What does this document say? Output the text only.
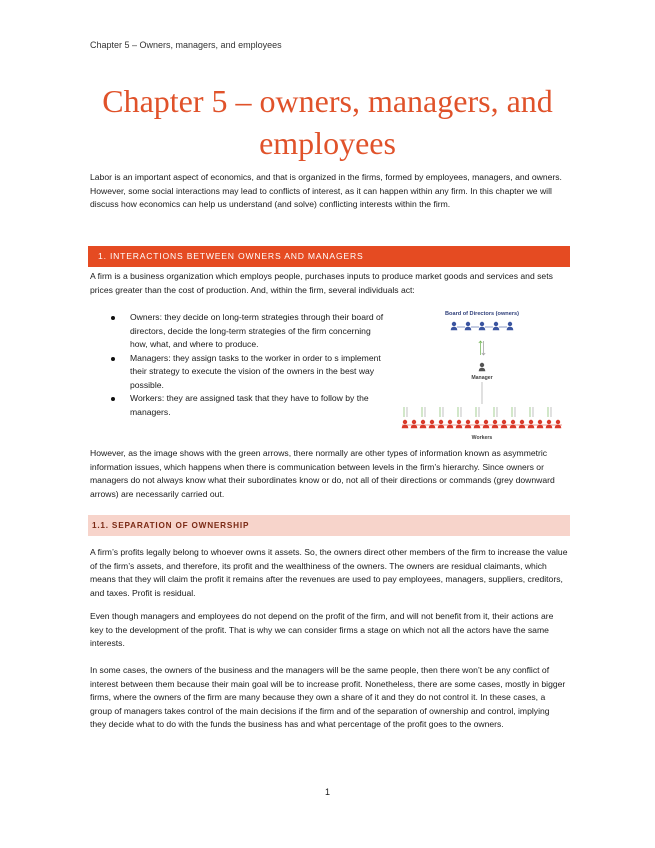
Chapter 5 – Owners, managers, and employees
Chapter 5 – owners, managers, and
employees

Labor is an important aspect of economics, and that is organized in the firms, formed by employees, managers, and owners. However, some social interactions may lead to conflicts of interest, as it can happen within any firm. In this chapter we will discuss how economics can help us understand (and solve) conflicting interests within the firm.

1. INTERACTIONS BETWEEN OWNERS AND MANAGERS

A firm is a business organization which employs people, purchases inputs to produce market goods and services and sets prices greater than the cost of production. And, within the firm, several individuals act:

Owners: they decide on long-term strategies through their board of directors, decide the long-term strategies of the firm concerning how, what, and where to produce.
Managers: they assign tasks to the worker in order to s implement their strategy to execute the vision of the owners in the best way possible.
Workers: they are assigned task that they have to follow by the managers.
Board of Directors (owners)
Manager
Workers

However, as the image shows with the green arrows, there normally are other types of information known as asymmetric information issues, which happens when there is communication between levels in the firm’s hierarchy. Since owners or managers do not always know what their subordinates know or do, not all of their directions or commands (grey downward arrows) are necessarily carried out.

1.1. SEPARATION OF OWNERSHIP

A firm’s profits legally belong to whoever owns it assets. So, the owners direct other members of the firm to increase the value of the firm’s assets, and therefore, its profit and the wealthiness of the owners. The owners are residual claimants, which means that they will claim the profit it remains after the revenues are used to pay employees, managers, suppliers, creditors, and taxes. Profit is residual.

Even though managers and employees do not depend on the profit of the firm, and will not benefit from it, their actions are key to the development of the profit. That is why we can consider firms a stage on which not all the actors have the same interests.

In some cases, the owners of the business and the managers will be the same people, then there won’t be any conflict of interest between them because their main goal will be to increase profit. Nonetheless, there are some cases, mostly in bigger firms, where the owners of the firm are many because they own a share of it and they do not control it. In these cases, a group of managers takes control of the main decisions if the firm and of the separation of ownership and control, implying they decide what to do with the funds the business has and what percentage of the profit goes to the owners.

1
